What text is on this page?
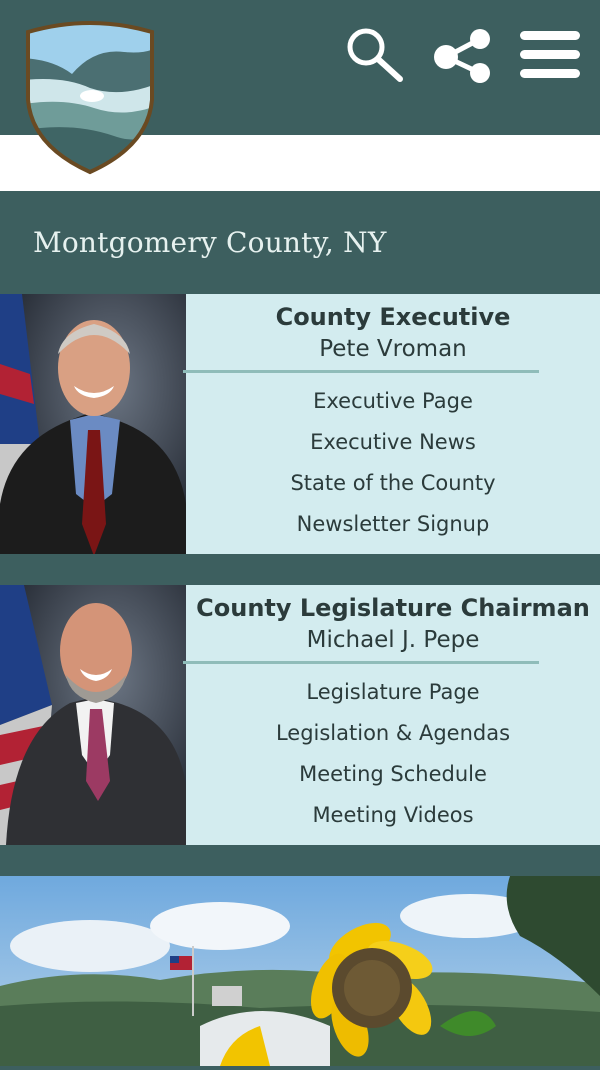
Montgomery County, NY
County Executive
Pete Vroman
Executive Page
Executive News
State of the County
Newsletter Signup
County Legislature Chairman
Michael J. Pepe
Legislature Page
Legislation & Agendas
Meeting Schedule
Meeting Videos
